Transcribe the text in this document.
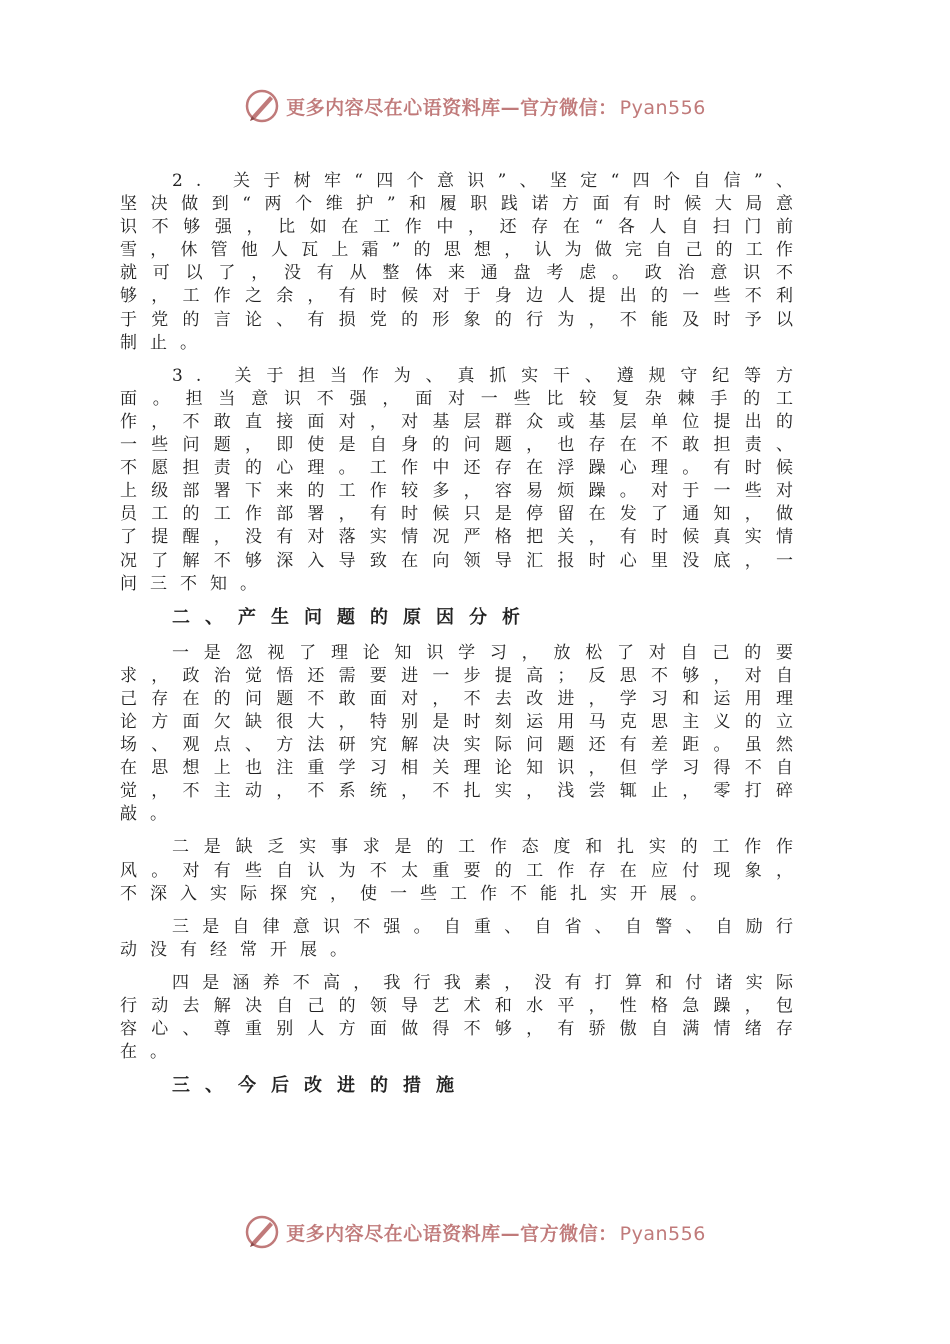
更多内容尽在心语资料库—官方微信： Pyan556

2. 关于树牢“四个意识”、坚定“四个自信”、坚决做到“两个维护”和履职践诺方面有时候大局意识不够强，比如在工作中，还存在“各人自扫门前雪，休管他人瓦上霜”的思想，认为做完自己的工作就可以了，没有从整体来通盘考虑。政治意识不够，工作之余，有时候对于身边人提出的一些不利于党的言论、有损党的形象的行为，不能及时予以制止。

3. 关于担当作为、真抓实干、遵规守纪等方面。担当意识不强，面对一些比较复杂棘手的工作，不敢直接面对，对基层群众或基层单位提出的一些问题，即使是自身的问题，也存在不敢担责、不愿担责的心理。工作中还存在浮躁心理。有时候上级部署下来的工作较多，容易烦躁。对于一些对员工的工作部署，有时候只是停留在发了通知，做了提醒，没有对落实情况严格把关，有时候真实情况了解不够深入导致在向领导汇报时心里没底，一问三不知。

二、产生问题的原因分析

一是忽视了理论知识学习，放松了对自己的要求，政治觉悟还需要进一步提高；反思不够，对自己存在的问题不敢面对，不去改进，学习和运用理论方面欠缺很大，特别是时刻运用马克思主义的立场、观点、方法研究解决实际问题还有差距。虽然在思想上也注重学习相关理论知识，但学习得不自觉，不主动，不系统，不扎实，浅尝辄止，零打碎敲。

二是缺乏实事求是的工作态度和扎实的工作作风。对有些自认为不太重要的工作存在应付现象，不深入实际探究，使一些工作不能扎实开展。

三是自律意识不强。自重、自省、自警、自励行动没有经常开展。

四是涵养不高，我行我素，没有打算和付诸实际行动去解决自己的领导艺术和水平，性格急躁，包容心、尊重别人方面做得不够，有骄傲自满情绪存在。

三、今后改进的措施
更多内容尽在心语资料库—官方微信： Pyan556
